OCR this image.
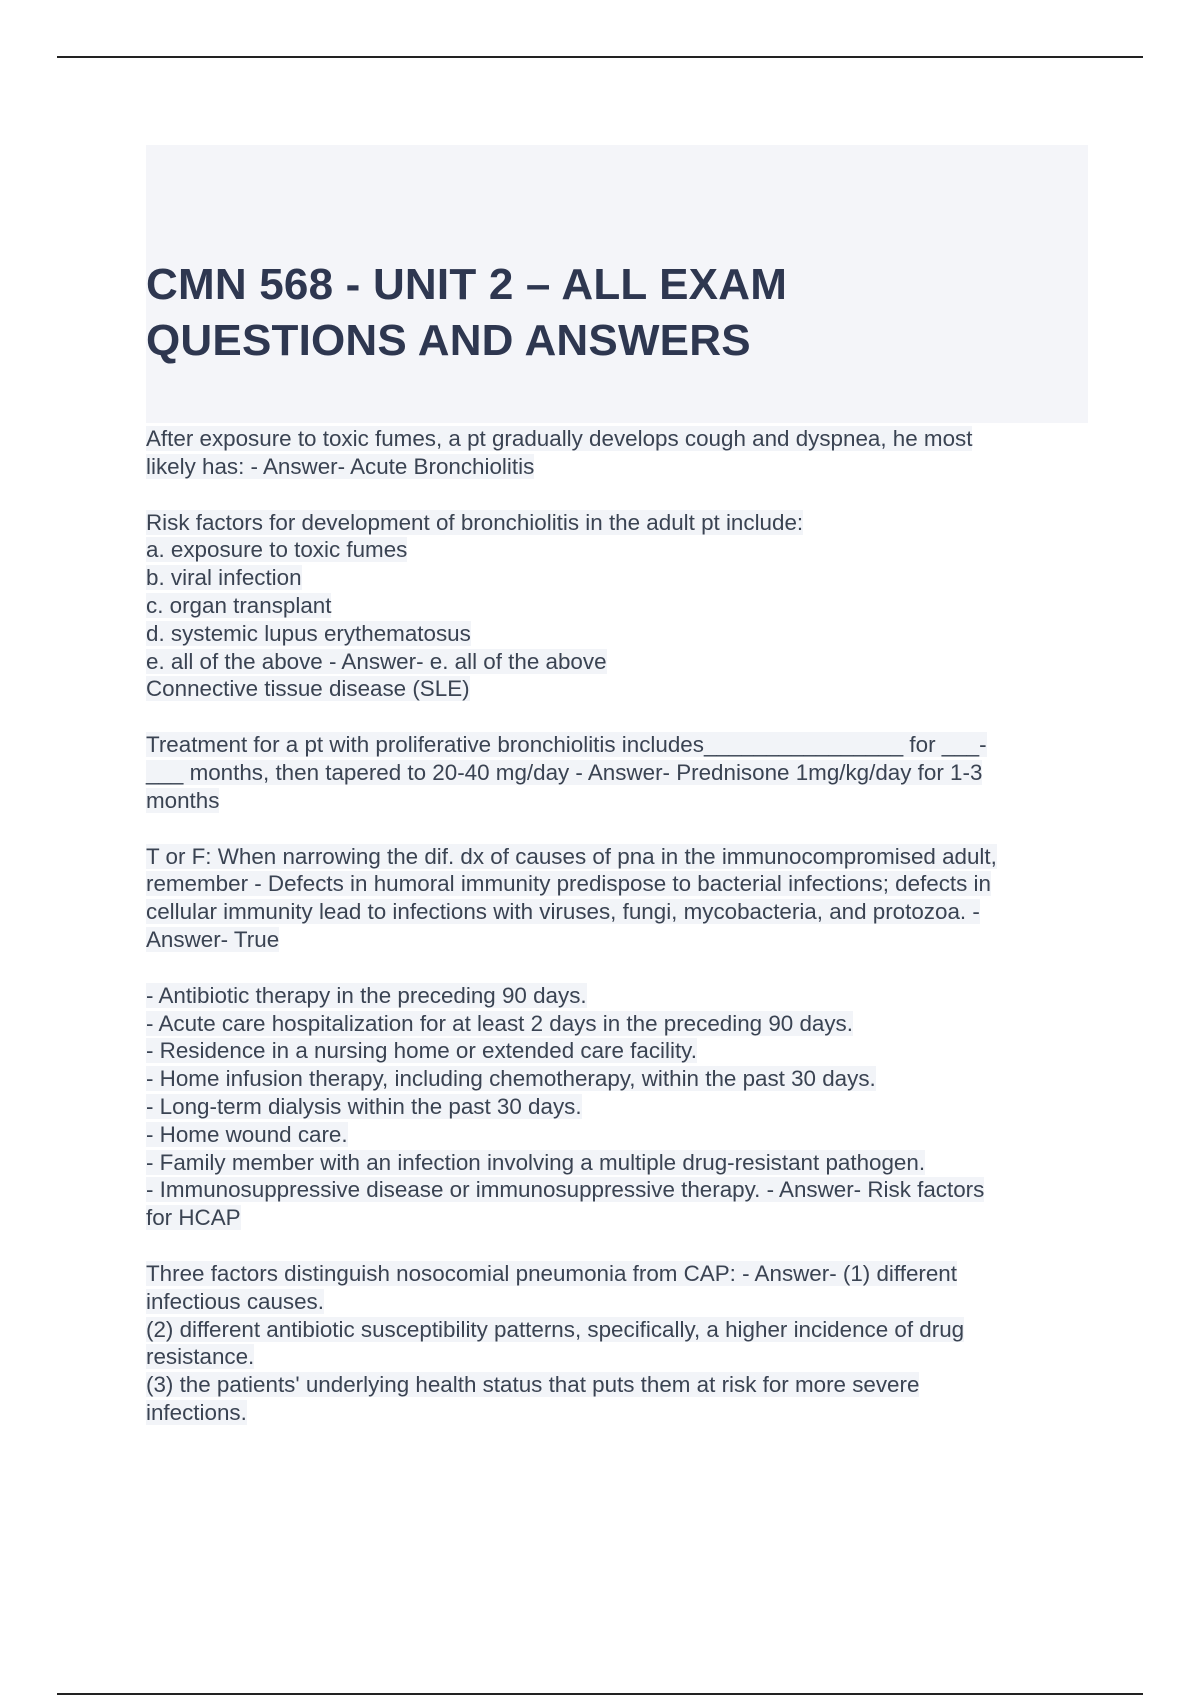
CMN 568 - UNIT 2 – ALL EXAM
QUESTIONS AND ANSWERS

After exposure to toxic fumes, a pt gradually develops cough and dyspnea, he most
likely has: - Answer- Acute Bronchiolitis

Risk factors for development of bronchiolitis in the adult pt include:
a. exposure to toxic fumes
b. viral infection
c. organ transplant
d. systemic lupus erythematosus
e. all of the above - Answer- e. all of the above
Connective tissue disease (SLE)

Treatment for a pt with proliferative bronchiolitis includes________________ for ___-
___ months, then tapered to 20-40 mg/day - Answer- Prednisone 1mg/kg/day for 1-3
months

T or F: When narrowing the dif. dx of causes of pna in the immunocompromised adult,
remember - Defects in humoral immunity predispose to bacterial infections; defects in
cellular immunity lead to infections with viruses, fungi, mycobacteria, and protozoa. -
Answer- True

- Antibiotic therapy in the preceding 90 days.
- Acute care hospitalization for at least 2 days in the preceding 90 days.
- Residence in a nursing home or extended care facility.
- Home infusion therapy, including chemotherapy, within the past 30 days.
- Long-term dialysis within the past 30 days.
- Home wound care.
- Family member with an infection involving a multiple drug-resistant pathogen.
- Immunosuppressive disease or immunosuppressive therapy. - Answer- Risk factors
for HCAP

Three factors distinguish nosocomial pneumonia from CAP: - Answer- (1) different
infectious causes.
(2) different antibiotic susceptibility patterns, specifically, a higher incidence of drug
resistance.
(3) the patients' underlying health status that puts them at risk for more severe
infections.
